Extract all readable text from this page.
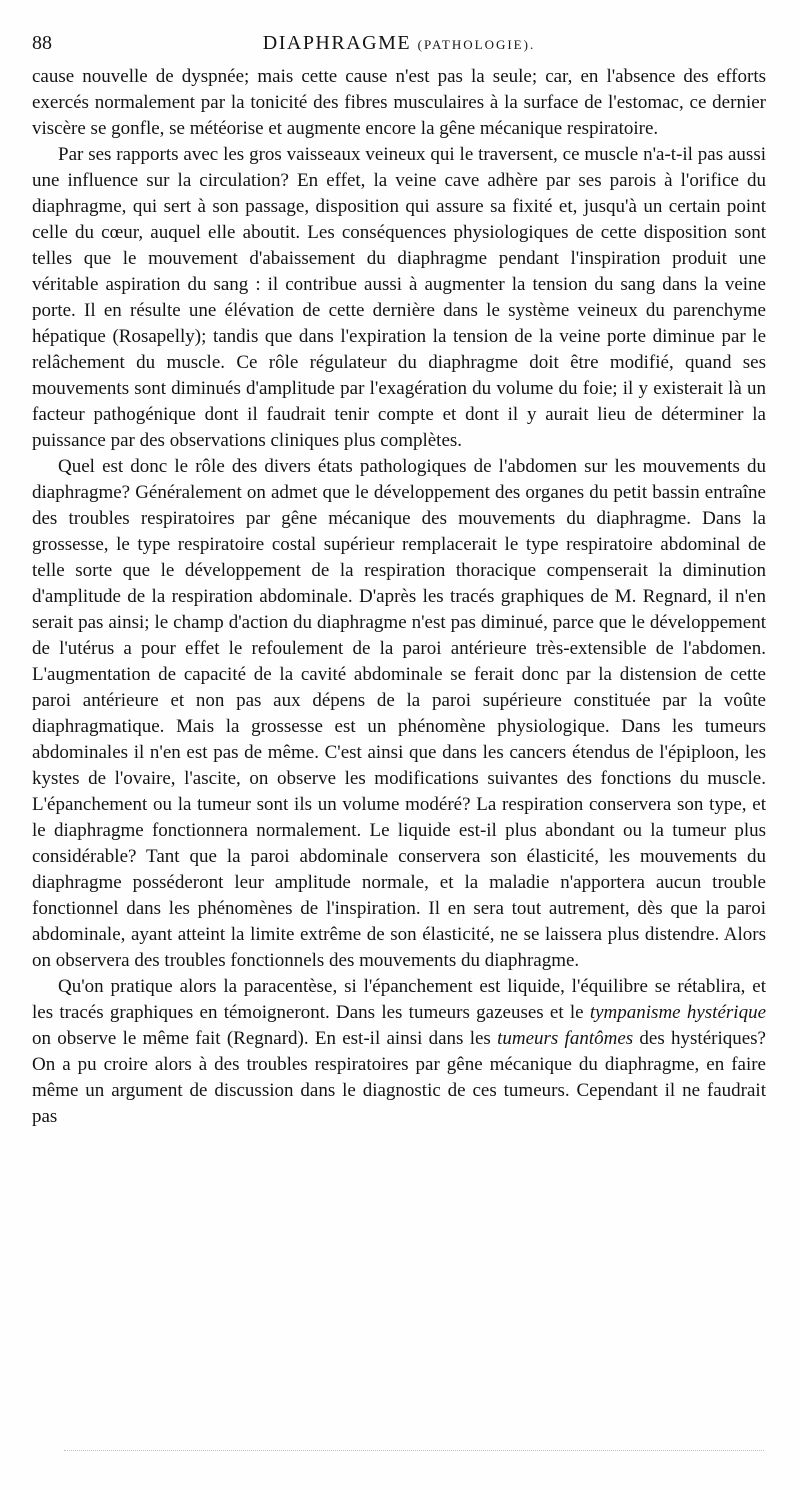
88	DIAPHRAGME (PATHOLOGIE).

cause nouvelle de dyspnée; mais cette cause n'est pas la seule; car, en l'absence des efforts exercés normalement par la tonicité des fibres musculaires à la surface de l'estomac, ce dernier viscère se gonfle, se météorise et augmente encore la gêne mécanique respiratoire.

Par ses rapports avec les gros vaisseaux veineux qui le traversent, ce muscle n'a-t-il pas aussi une influence sur la circulation? En effet, la veine cave adhère par ses parois à l'orifice du diaphragme, qui sert à son passage, disposition qui assure sa fixité et, jusqu'à un certain point celle du cœur, auquel elle aboutit. Les conséquences physiologiques de cette disposition sont telles que le mouvement d'abaissement du diaphragme pendant l'inspiration produit une véritable aspiration du sang : il contribue aussi à augmenter la tension du sang dans la veine porte. Il en résulte une élévation de cette dernière dans le système veineux du parenchyme hépatique (Rosapelly); tandis que dans l'expiration la tension de la veine porte diminue par le relâchement du muscle. Ce rôle régulateur du diaphragme doit être modifié, quand ses mouvements sont diminués d'amplitude par l'exagération du volume du foie; il y existerait là un facteur pathogénique dont il faudrait tenir compte et dont il y aurait lieu de déterminer la puissance par des observations cliniques plus complètes.

Quel est donc le rôle des divers états pathologiques de l'abdomen sur les mouvements du diaphragme? Généralement on admet que le développement des organes du petit bassin entraîne des troubles respiratoires par gêne mécanique des mouvements du diaphragme. Dans la grossesse, le type respiratoire costal supérieur remplacerait le type respiratoire abdominal de telle sorte que le développement de la respiration thoracique compenserait la diminution d'amplitude de la respiration abdominale. D'après les tracés graphiques de M. Regnard, il n'en serait pas ainsi; le champ d'action du diaphragme n'est pas diminué, parce que le développement de l'utérus a pour effet le refoulement de la paroi antérieure très-extensible de l'abdomen. L'augmentation de capacité de la cavité abdominale se ferait donc par la distension de cette paroi antérieure et non pas aux dépens de la paroi supérieure constituée par la voûte diaphragmatique. Mais la grossesse est un phénomène physiologique. Dans les tumeurs abdominales il n'en est pas de même. C'est ainsi que dans les cancers étendus de l'épiploon, les kystes de l'ovaire, l'ascite, on observe les modifications suivantes des fonctions du muscle. L'épanchement ou la tumeur sont ils un volume modéré? La respiration conservera son type, et le diaphragme fonctionnera normalement. Le liquide est-il plus abondant ou la tumeur plus considérable? Tant que la paroi abdominale conservera son élasticité, les mouvements du diaphragme posséderont leur amplitude normale, et la maladie n'apportera aucun trouble fonctionnel dans les phénomènes de l'inspiration. Il en sera tout autrement, dès que la paroi abdominale, ayant atteint la limite extrême de son élasticité, ne se laissera plus distendre. Alors on observera des troubles fonctionnels des mouvements du diaphragme.

Qu'on pratique alors la paracentèse, si l'épanchement est liquide, l'équilibre se rétablira, et les tracés graphiques en témoigneront. Dans les tumeurs gazeuses et le tympanisme hystérique on observe le même fait (Regnard). En est-il ainsi dans les tumeurs fantômes des hystériques? On a pu croire alors à des troubles respiratoires par gêne mécanique du diaphragme, en faire même un argument de discussion dans le diagnostic de ces tumeurs. Cependant il ne faudrait pas
